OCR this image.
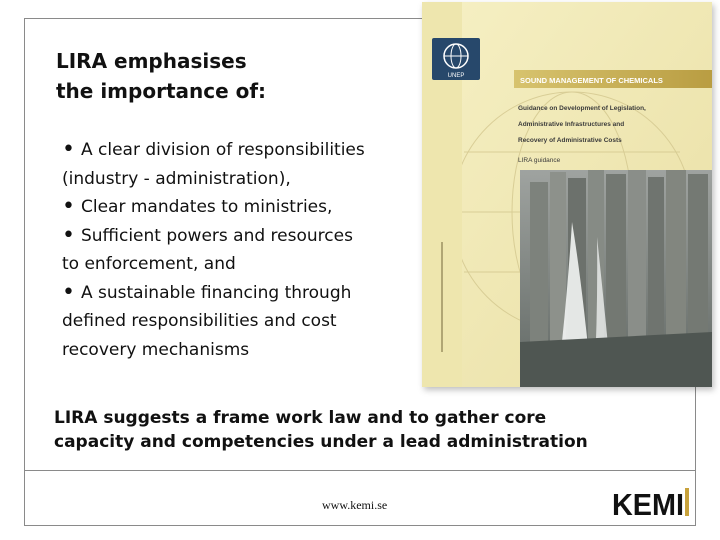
UNEP	SOUND MANAGEMENT OF CHEMICALS
Guidance on Development of Legislation,
Administrative Infrastructures and
Recovery of Administrative Costs
LIRA guidance
LIRA emphasises
the importance of:

• A clear division of responsibilities

(industry - administration),

• Clear mandates to ministries,

• Sufficient powers and resources

to enforcement, and

• A sustainable financing through

defined responsibilities and cost

recovery mechanisms

LIRA suggests a frame work law and to gather core
capacity and competencies under a lead administration

www.kemi.se	KEMI
